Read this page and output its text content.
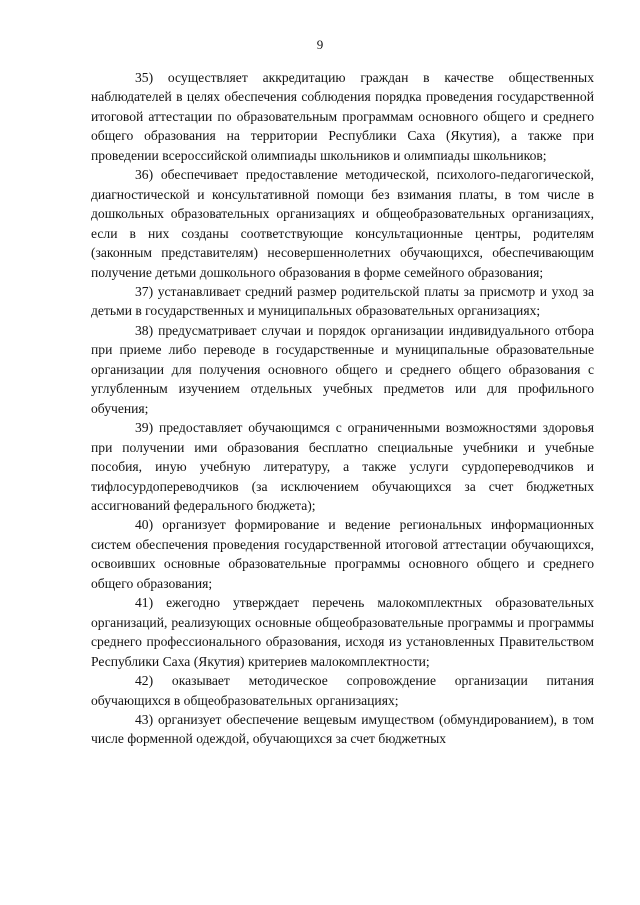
9

35) осуществляет аккредитацию граждан в качестве общественных наблюдателей в целях обеспечения соблюдения порядка проведения государственной итоговой аттестации по образовательным программам основного общего и среднего общего образования на территории Республики Саха (Якутия), а также при проведении всероссийской олимпиады школьников и олимпиады школьников;

36) обеспечивает предоставление методической, психолого-педагогической, диагностической и консультативной помощи без взимания платы, в том числе в дошкольных образовательных организациях и общеобразовательных организациях, если в них созданы соответствующие консультационные центры, родителям (законным представителям) несовершеннолетних обучающихся, обеспечивающим получение детьми дошкольного образования в форме семейного образования;

37) устанавливает средний размер родительской платы за присмотр и уход за детьми в государственных и муниципальных образовательных организациях;

38) предусматривает случаи и порядок организации индивидуального отбора при приеме либо переводе в государственные и муниципальные образовательные организации для получения основного общего и среднего общего образования с углубленным изучением отдельных учебных предметов или для профильного обучения;

39) предоставляет обучающимся с ограниченными возможностями здоровья при получении ими образования бесплатно специальные учебники и учебные пособия, иную учебную литературу, а также услуги сурдопереводчиков и тифлосурдопереводчиков (за исключением обучающихся за счет бюджетных ассигнований федерального бюджета);

40) организует формирование и ведение региональных информационных систем обеспечения проведения государственной итоговой аттестации обучающихся, освоивших основные образовательные программы основного общего и среднего общего образования;

41) ежегодно утверждает перечень малокомплектных образовательных организаций, реализующих основные общеобразовательные программы и программы среднего профессионального образования, исходя из установленных Правительством Республики Саха (Якутия) критериев малокомплектности;

42) оказывает методическое сопровождение организации питания обучающихся в общеобразовательных организациях;

43) организует обеспечение вещевым имуществом (обмундированием), в том числе форменной одеждой, обучающихся за счет бюджетных
